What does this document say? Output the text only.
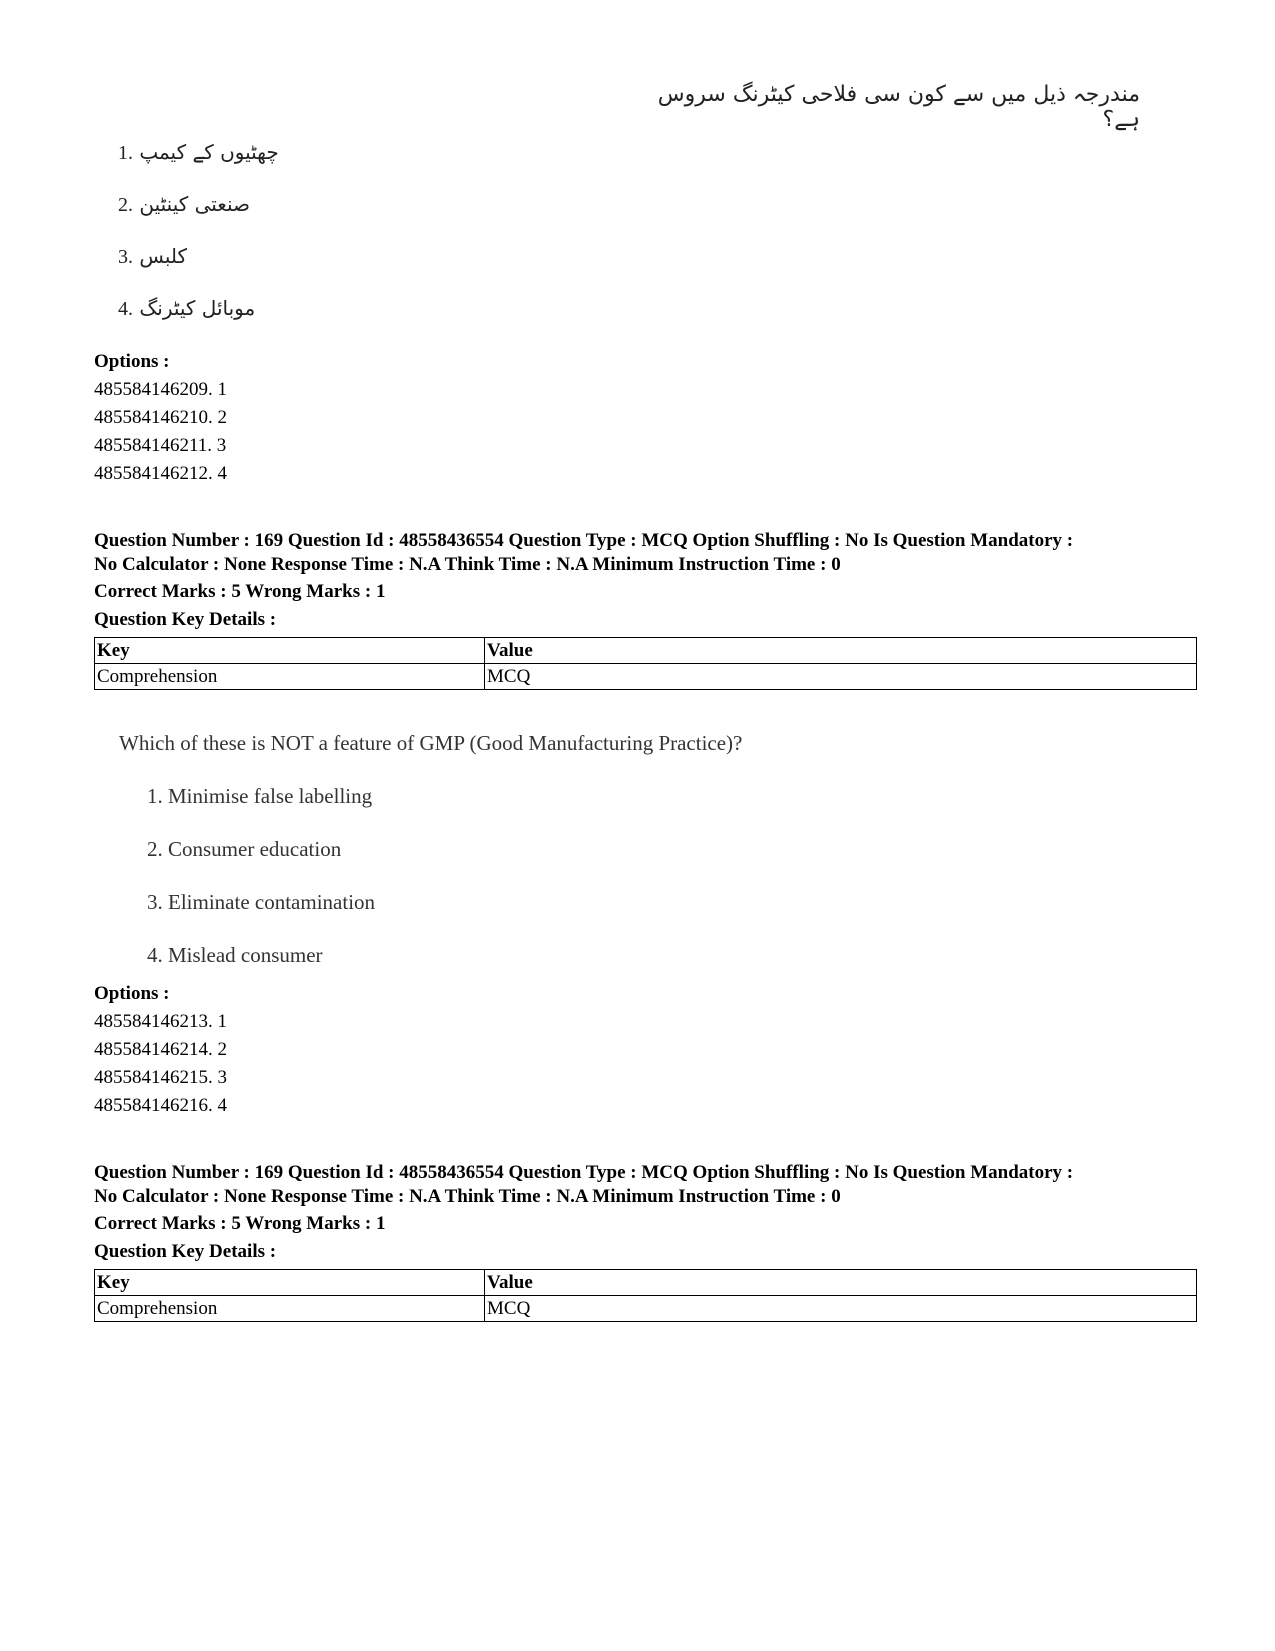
مندرجہ ذیل میں سے کون سی فلاحی کیٹرنگ سروس ہے؟
1. چھٹیوں کے کیمپ
2. صنعتی کینٹین
3. کلبس
4. موبائل کیٹرنگ
Options :
485584146209. 1
485584146210. 2
485584146211. 3
485584146212. 4
Question Number : 169 Question Id : 48558436554 Question Type : MCQ Option Shuffling : No Is Question Mandatory :
No Calculator : None Response Time : N.A Think Time : N.A Minimum Instruction Time : 0
Correct Marks : 5 Wrong Marks : 1
Question Key Details :
Key	Value
Comprehension	MCQ
Which of these is NOT a feature of GMP (Good Manufacturing Practice)?
1. Minimise false labelling
2. Consumer education
3. Eliminate contamination
4. Mislead consumer
Options :
485584146213. 1
485584146214. 2
485584146215. 3
485584146216. 4
Question Number : 169 Question Id : 48558436554 Question Type : MCQ Option Shuffling : No Is Question Mandatory :
No Calculator : None Response Time : N.A Think Time : N.A Minimum Instruction Time : 0
Correct Marks : 5 Wrong Marks : 1
Question Key Details :
Key	Value
Comprehension	MCQ
